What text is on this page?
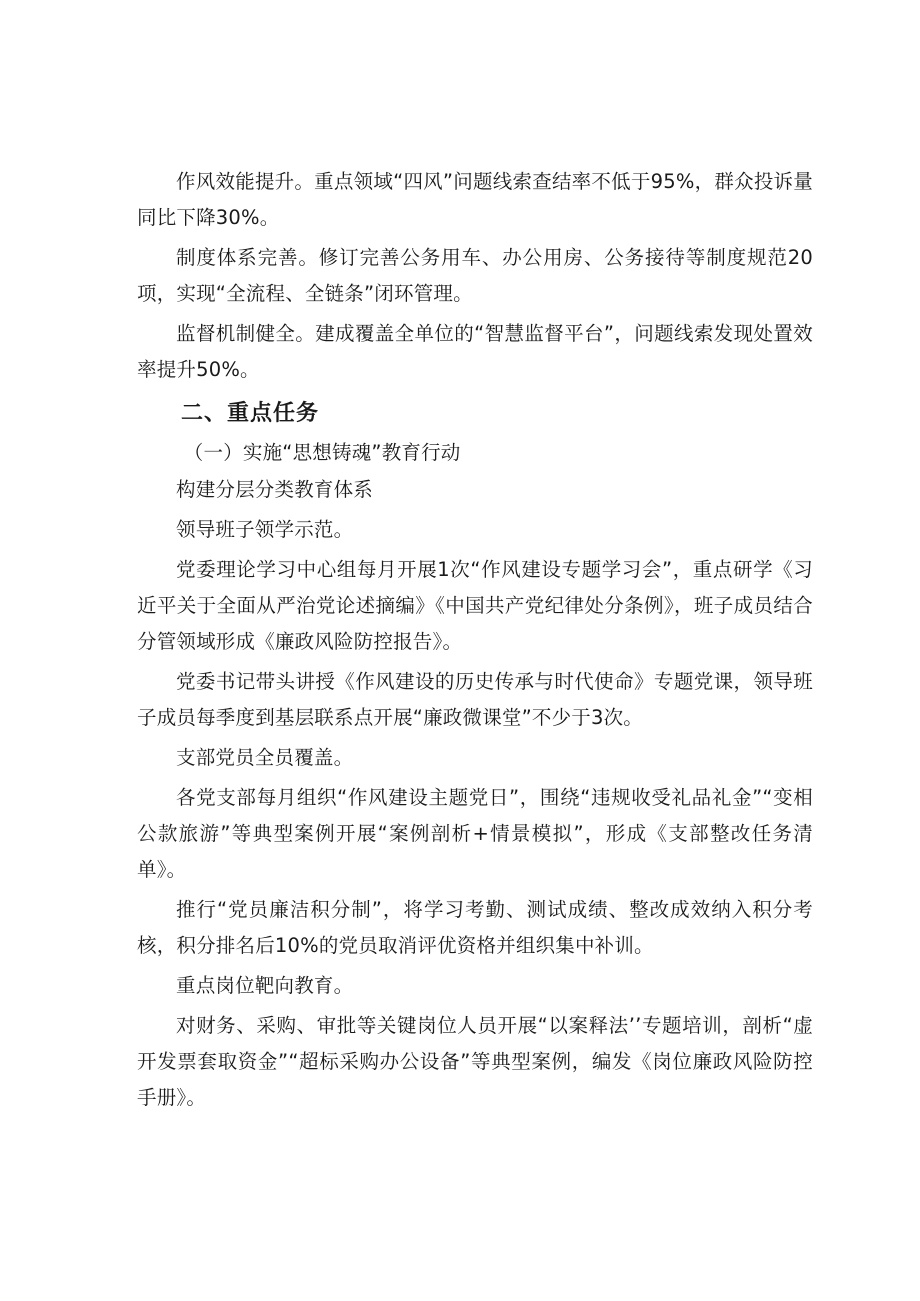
作风效能提升。重点领域“四风”问题线索查结率不低于95%，群众投诉量同比下降30%。

制度体系完善。修订完善公务用车、办公用房、公务接待等制度规范20项，实现“全流程、全链条”闭环管理。

监督机制健全。建成覆盖全单位的“智慧监督平台”，问题线索发现处置效率提升50%。

二、重点任务

（一）实施“思想铸魂”教育行动

构建分层分类教育体系

领导班子领学示范。

党委理论学习中心组每月开展1次“作风建设专题学习会”，重点研学《习近平关于全面从严治党论述摘编》《中国共产党纪律处分条例》，班子成员结合分管领域形成《廉政风险防控报告》。

党委书记带头讲授《作风建设的历史传承与时代使命》专题党课，领导班子成员每季度到基层联系点开展“廉政微课堂”不少于3次。

支部党员全员覆盖。

各党支部每月组织“作风建设主题党日”，围绕“违规收受礼品礼金”“变相公款旅游”等典型案例开展“案例剖析+情景模拟”，形成《支部整改任务清单》。

推行“党员廉洁积分制”，将学习考勤、测试成绩、整改成效纳入积分考核，积分排名后10%的党员取消评优资格并组织集中补训。

重点岗位靶向教育。

对财务、采购、审批等关键岗位人员开展“以案释法’’专题培训，剖析“虚开发票套取资金”“超标采购办公设备”等典型案例，编发《岗位廉政风险防控手册》。
